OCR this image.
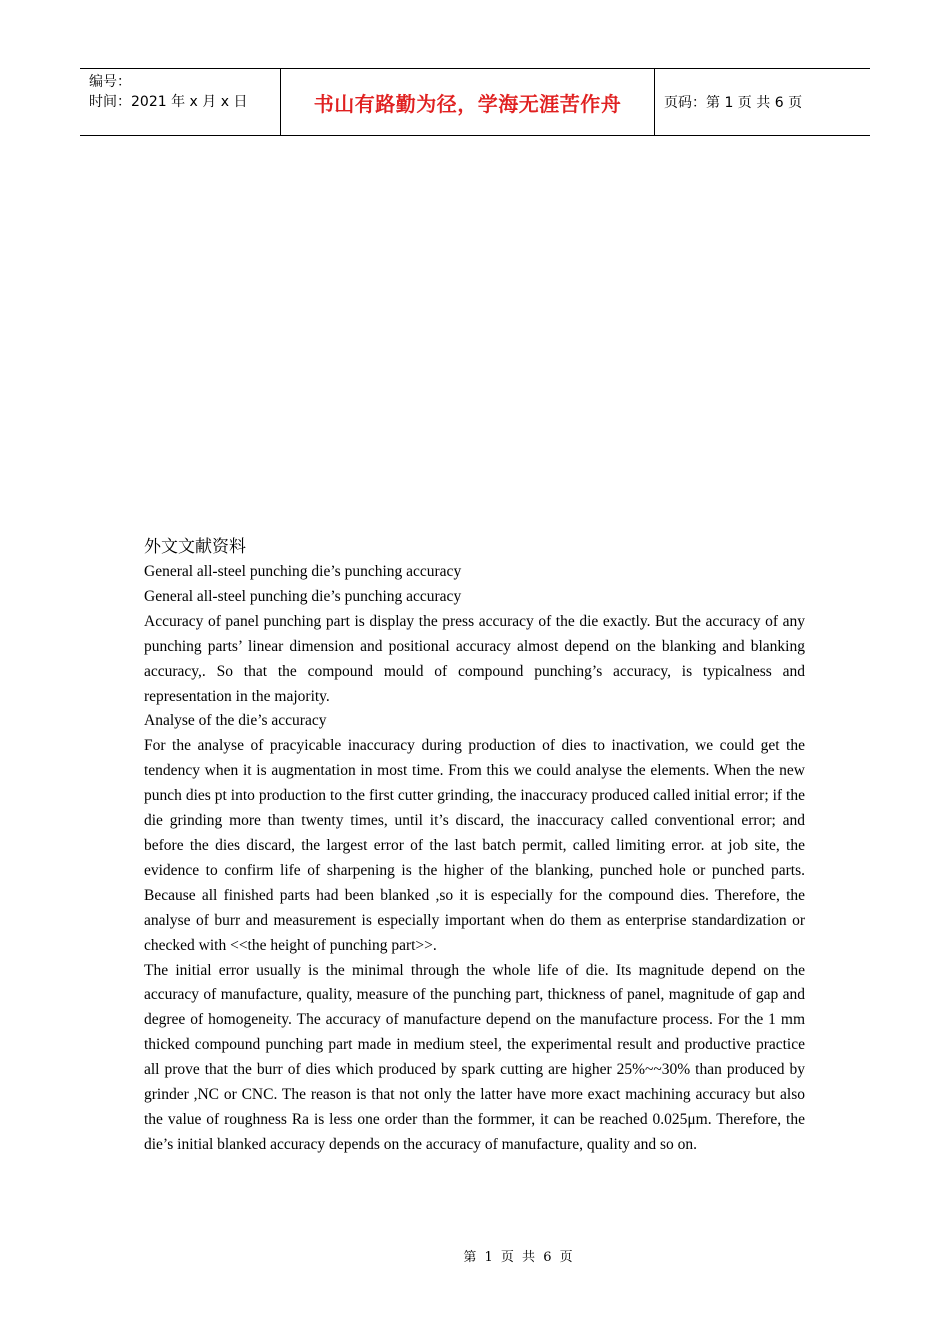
编号：
时间：2021 年 x 月 x 日	书山有路勤为径，学海无涯苦作舟	页码：第 1 页 共 6 页

外文文献资料

General all-steel punching die’s punching accuracy

General all-steel punching die’s punching accuracy

Accuracy of panel punching part is display the press accuracy of the die exactly. But the accuracy of any punching parts’ linear dimension and positional accuracy almost depend on the blanking and blanking accuracy,. So that the compound mould of compound punching’s accuracy, is typicalness and representation in the majority.

Analyse of the die’s accuracy

For the analyse of pracyicable inaccuracy during production of dies to inactivation, we could get the tendency when it is augmentation in most time. From this we could analyse the elements. When the new punch dies pt into production to the first cutter grinding, the inaccuracy produced called initial error; if the die grinding more than twenty times, until it’s discard, the inaccuracy called conventional error; and before the dies discard, the largest error of the last batch permit, called limiting error. at job site, the evidence to confirm life of sharpening is the higher of the blanking, punched hole or punched parts. Because all finished parts had been blanked ,so it is especially for the compound dies. Therefore, the analyse of burr and measurement is especially important when do them as enterprise standardization or checked with <<the height of punching part>>.

The initial error usually is the minimal through the whole life of die. Its magnitude depend on the accuracy of manufacture, quality, measure of the punching part, thickness of panel, magnitude of gap and degree of homogeneity. The accuracy of manufacture depend on the manufacture process. For the 1 mm thicked compound punching part made in medium steel, the experimental result and productive practice all prove that the burr of dies which produced by spark cutting are higher 25%~~30% than produced by grinder ,NC or CNC. The reason is that not only the latter have more exact machining accuracy but also the value of roughness Ra is less one order than the formmer, it can be reached 0.025μm. Therefore, the die’s initial blanked accuracy depends on the accuracy of manufacture, quality and so on.

第 1 页 共 6 页
